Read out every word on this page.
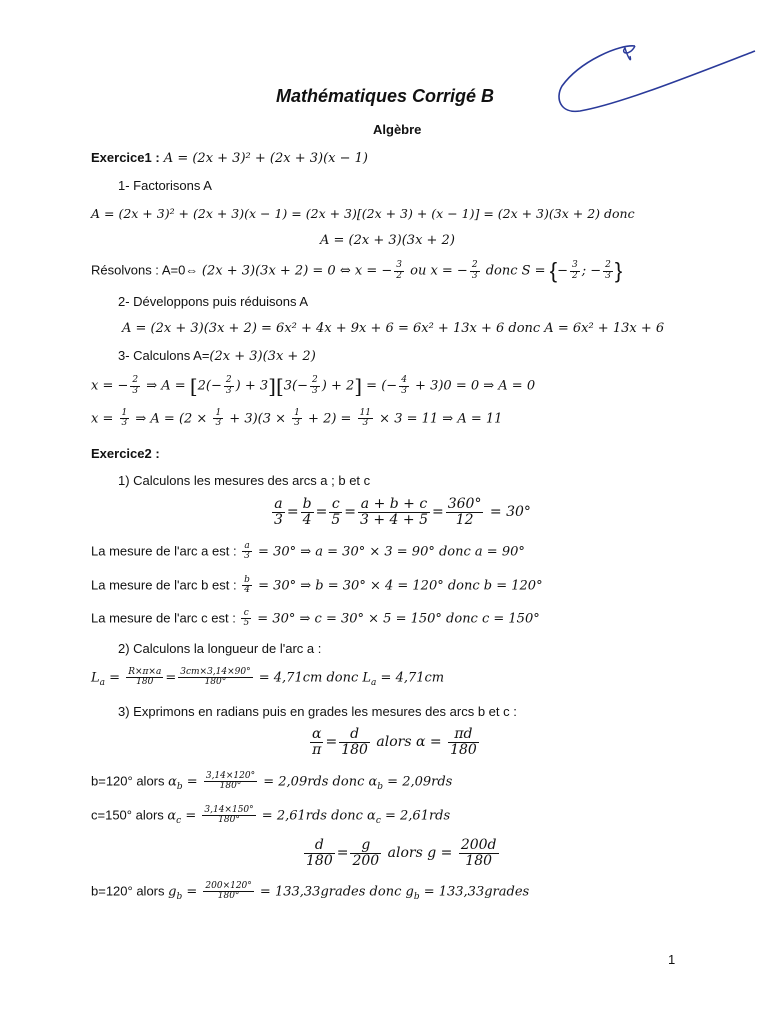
Mathématiques Corrigé B
Algèbre
Exercice1 : A = (2x + 3)² + (2x + 3)(x − 1)
1- Factorisons A
A = (2x + 3)² + (2x + 3)(x − 1) = (2x + 3)[(2x + 3) + (x − 1)] = (2x + 3)(3x + 2) donc
A = (2x + 3)(3x + 2)
Résolvons : A=0⇔ (2x + 3)(3x + 2) = 0 ⇔ x = − $\frac{3}{2}$ ou x = − $\frac{2}{3}$ donc S = {− $\frac{3}{2}$ ; − $\frac{2}{3}$ }
2- Développons puis réduisons A
A = (2x + 3)(3x + 2) = 6x² + 4x + 9x + 6 = 6x² + 13x + 6 donc A = 6x² + 13x + 6
3- Calculons A=(2x + 3)(3x + 2)
x = − $\frac{2}{3}$ ⇒ $A = [2(- \frac{2}{3}$ ) + $3][3(- \frac{2}{3}$ ) + 2] = (− $\frac{4}{3} + 3)0 = 0$ ⇒ A = 0
$x = \frac{1}{3}$ ⇒ $A = (2 \times \frac{1}{3} + 3)(3 \times \frac{1}{3} + 2) = \frac{11}{3} \times 3 = 11$ ⇒ A = 11
Exercice2 :
1) Calculons les mesures des arcs a ; b et c
$\frac{a}{3} = \frac{b}{4} = \frac{c}{5} = \frac{a + b + c}{3 + 4 + 5} = \frac{360^\circ}{12} = 30^\circ$
La mesure de l'arc a est : $\frac{a}{3} = 30^\circ$ ⇒ a = 30° × 3 = 90° donc a = 90°
La mesure de l'arc b est : $\frac{b}{4} = 30^\circ$ ⇒ b = 30° × 4 = 120° donc b = 120°
La mesure de l'arc c est : $\frac{c}{5} = 30^\circ$ ⇒ c = 30° × 5 = 150° donc c = 150°
2) Calculons la longueur de l'arc a :
$L_a = \frac{R\times\pi\times a}{180} = \frac{3cm\times 3,14\times 90^\circ}{180^\circ} = 4,71cm$ donc $L_a = 4,71cm$
3) Exprimons en radians puis en grades les mesures des arcs b et c :
$\frac{\alpha}{\pi} = \frac{d}{180}$ alors $\alpha = \frac{\pi d}{180}$
b=120° alors $\alpha_b = \frac{3,14\times 120^\circ}{180^\circ} = 2,09rds$ donc $\alpha_b = 2,09rds$
c=150° alors $\alpha_c = \frac{3,14\times 150^\circ}{180^\circ} = 2,61rds$ donc $\alpha_c = 2,61rds$
$\frac{d}{180} = \frac{g}{200}$ alors $g = \frac{200d}{180}$
b=120° alors $g_b = \frac{200\times 120^\circ}{180^\circ}$ = 133,33grades donc $g_b$ = 133,33grades
1
